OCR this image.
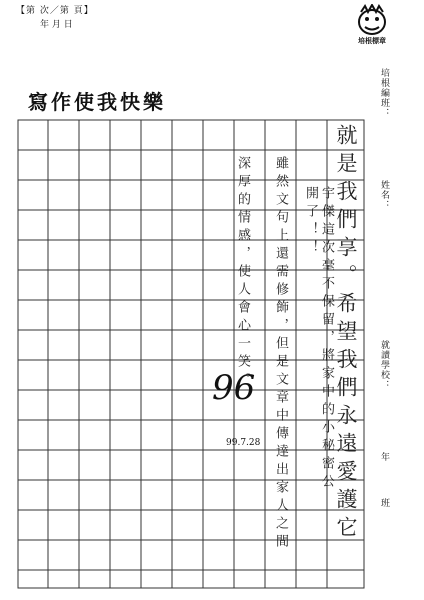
【第 次／第 頁】
年 月 日
培根標章
寫作使我快樂	培根編班：
姓名：
就讀學校：
年
班
就是我們享。希望我們永遠愛護它
宇傑這次毫不保留，將家中的小秘密公開了！！
雖然文句上還需修飾，但是文章中傳達出家人之間
深厚的情感，使人會心一笑。
96
99.7.28
